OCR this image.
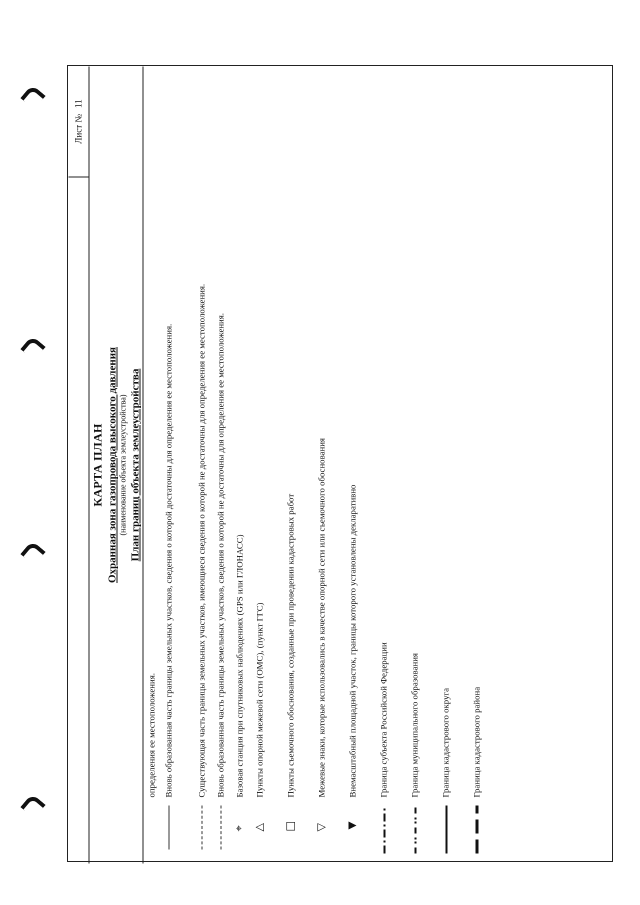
Лист №
11
КАРТА ПЛАН Охранная зона газопровода высокого давления (наименование объекта землеустройства) План границ объекта землеустройства
определения ее местоположения. Вновь образованная часть границы земельных участков, сведения о которой достаточны для определения ее местоположения.	Существующая часть границы земельных участков, имеющиеся сведения о которой не достаточны для определения ее местоположения. Вновь образованная часть границы земельных участков, сведения о которой не достаточны для определения ее местоположения.
⌖
Базовая станция при спутниковых наблюдениях (GPS или ГЛОНАСС)
△
Пункты опорной межевой сети (ОМС), (пункт ГГС)
□
Пункты съемочного обоснования, созданные при проведении кадастровых работ
▽
Межевые знаки, которые использовались в качестве опорной сети или съемочного обоснования Внемасштабный площадной участок, границы которого установлены декларативно Граница субъекта Российской Федерации Граница муниципального образования Граница кадастрового округа Граница кадастрового района
